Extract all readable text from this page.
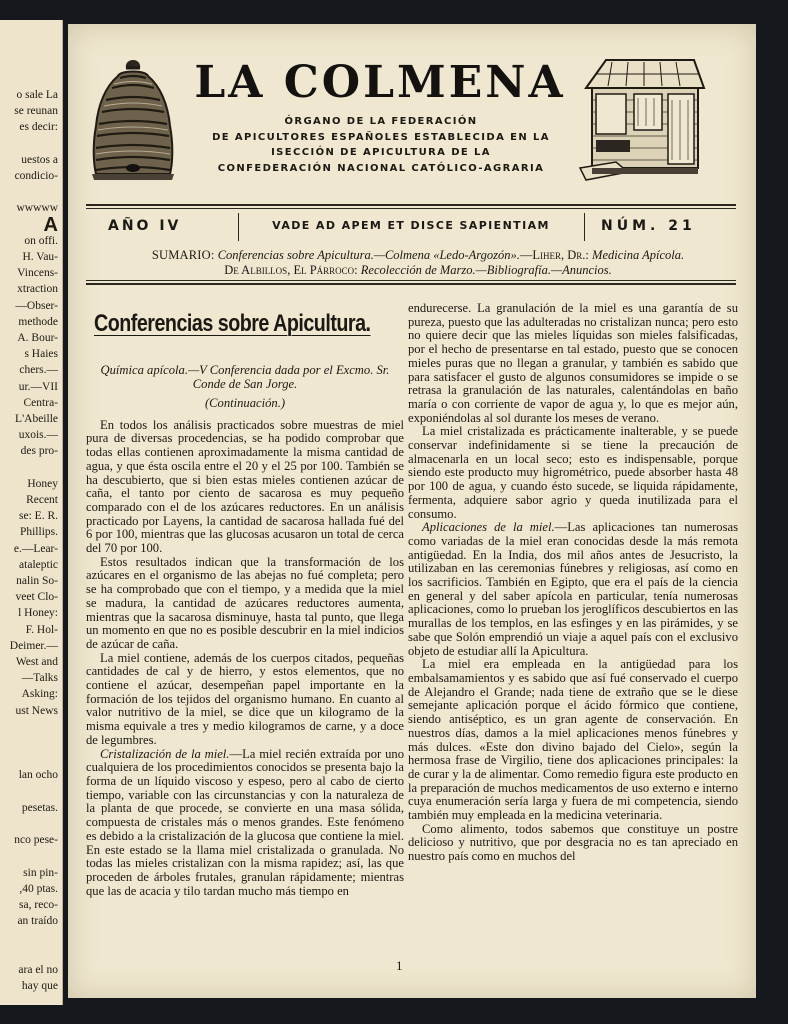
o sale La
se reunan
es decir:
uestos a
condicio-
wwwww
A
on offi.
H. Vau-
Vincens-
xtraction
—Obser-
methode
A. Bour-
s Haies
chers.—
ur.—VII
Centra-
L'Abeille
uxois.—
des pro-
Honey
Recent
se: E. R.
Phillips.
e.—Lear-
ataleptic
nalin So-
veet Clo-
l Honey:
F. Hol-
Deimer.—
West and
—Talks
Asking:
ust News
lan ocho
pesetas.
nco pese-
sin pin-
,40 ptas.
sa, reco-
an traído
ara el no
hay que
LA COLMENA
ÓRGANO DE LA FEDERACIÓN
DE APICULTORES ESPAÑOLES ESTABLECIDA EN LA
ISECCIÓN DE APICULTURA DE LA
CONFEDERACIÓN NACIONAL CATÓLICO-AGRARIA
AÑO IV	VADE AD APEM ET DISCE SAPIENTIAM	NÚM. 21
SUMARIO: Conferencias sobre Apicultura.—Colmena «Ledo-Argozón».—Liher, Dr.: Medicina Apícola.
De Albillos, El Párroco: Recolección de Marzo.—Bibliografía.—Anuncios.
Conferencias sobre Apicultura.
Química apícola.—V Conferencia dada por el Excmo. Sr. Conde de San Jorge.
(Continuación.)

En todos los análisis practicados sobre muestras de miel pura de diversas procedencias, se ha podido comprobar que todas ellas contienen aproximadamente la misma cantidad de agua, y que ésta oscila entre el 20 y el 25 por 100. También se ha descubierto, que si bien estas mieles contienen azúcar de caña, el tanto por ciento de sacarosa es muy pequeño comparado con el de los azúcares reductores. En un análisis practicado por Layens, la cantidad de sacarosa hallada fué del 6 por 100, mientras que las glucosas acusaron un total de cerca del 70 por 100.

Estos resultados indican que la transformación de los azúcares en el organismo de las abejas no fué completa; pero se ha comprobado que con el tiempo, y a medida que la miel se madura, la cantidad de azúcares reductores aumenta, mientras que la sacarosa disminuye, hasta tal punto, que llega un momento en que no es posible descubrir en la miel indicios de azúcar de caña.

La miel contiene, además de los cuerpos citados, pequeñas cantidades de cal y de hierro, y estos elementos, que no contiene el azúcar, desempeñan papel importante en la formación de los tejidos del organismo humano. En cuanto al valor nutritivo de la miel, se dice que un kilogramo de la misma equivale a tres y medio kilogramos de carne, y a doce de legumbres.

Cristalización de la miel.—La miel recién extraída por uno cualquiera de los procedimientos conocidos se presenta bajo la forma de un líquido viscoso y espeso, pero al cabo de cierto tiempo, variable con las circunstancias y con la naturaleza de la planta de que procede, se convierte en una masa sólida, compuesta de cristales más o menos grandes. Este fenómeno es debido a la cristalización de la glucosa que contiene la miel. En este estado se la llama miel cristalizada o granulada. No todas las mieles cristalizan con la misma rapidez; así, las que proceden de árboles frutales, granulan rápidamente; mientras que las de acacia y tilo tardan mucho más tiempo en

endurecerse. La granulación de la miel es una garantía de su pureza, puesto que las adulteradas no cristalizan nunca; pero esto no quiere decir que las mieles líquidas son mieles falsificadas, por el hecho de presentarse en tal estado, puesto que se conocen mieles puras que no llegan a granular, y también es sabido que para satisfacer el gusto de algunos consumidores se impide o se retrasa la granulación de las naturales, calentándolas en baño maría o con corriente de vapor de agua y, lo que es mejor aún, exponiéndolas al sol durante los meses de verano.

La miel cristalizada es prácticamente inalterable, y se puede conservar indefinidamente si se tiene la precaución de almacenarla en un local seco; esto es indispensable, porque siendo este producto muy higrométrico, puede absorber hasta 48 por 100 de agua, y cuando ésto sucede, se liquida rápidamente, fermenta, adquiere sabor agrio y queda inutilizada para el consumo.

Aplicaciones de la miel.—Las aplicaciones tan numerosas como variadas de la miel eran conocidas desde la más remota antigüedad. En la India, dos mil años antes de Jesucristo, la utilizaban en las ceremonias fúnebres y religiosas, así como en los sacrificios. También en Egipto, que era el país de la ciencia en general y del saber apícola en particular, tenía numerosas aplicaciones, como lo prueban los jeroglíficos descubiertos en las murallas de los templos, en las esfinges y en las pirámides, y se sabe que Solón emprendió un viaje a aquel país con el exclusivo objeto de estudiar allí la Apicultura.

La miel era empleada en la antigüedad para los embalsamamientos y es sabido que así fué conservado el cuerpo de Alejandro el Grande; nada tiene de extraño que se le diese semejante aplicación porque el ácido fórmico que contiene, siendo antiséptico, es un gran agente de conservación. En nuestros días, damos a la miel aplicaciones menos fúnebres y más dulces. «Este don divino bajado del Cielo», según la hermosa frase de Virgilio, tiene dos aplicaciones principales: la de curar y la de alimentar. Como remedio figura este producto en la preparación de muchos medicamentos de uso externo e interno cuya enumeración sería larga y fuera de mi competencia, siendo también muy empleada en la medicina veterinaria.

Como alimento, todos sabemos que constituye un postre delicioso y nutritivo, que por desgracia no es tan apreciado en nuestro país como en muchos del

1
